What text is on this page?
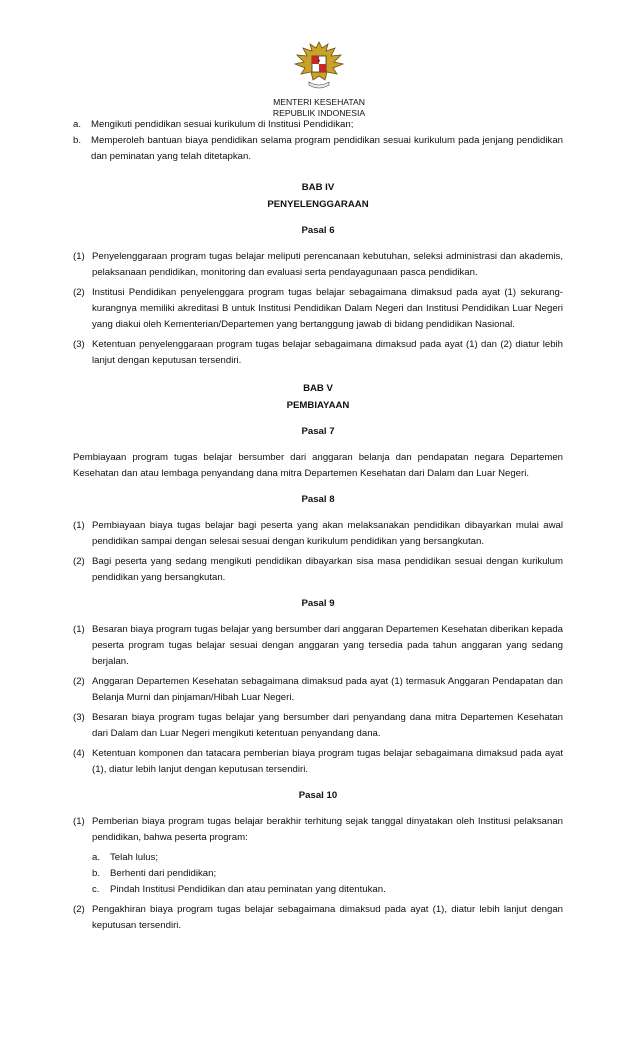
MENTERI KESEHATAN
REPUBLIK INDONESIA
a.	Mengikuti pendidikan sesuai kurikulum di Institusi Pendidikan;
b.	Memperoleh bantuan biaya pendidikan selama program pendidikan sesuai kurikulum pada jenjang pendidikan dan peminatan yang telah ditetapkan.
BAB IV
PENYELENGGARAAN
Pasal 6
(1) Penyelenggaraan program tugas belajar meliputi perencanaan kebutuhan, seleksi administrasi dan akademis, pelaksanaan pendidikan, monitoring dan evaluasi serta pendayagunaan pasca pendidikan.
(2) Institusi Pendidikan penyelenggara program tugas belajar sebagaimana dimaksud pada ayat (1) sekurang-kurangnya memiliki akreditasi B untuk Institusi Pendidikan Dalam Negeri dan Institusi Pendidikan Luar Negeri yang diakui oleh Kementerian/Departemen yang bertanggung jawab di bidang pendidikan Nasional.
(3) Ketentuan penyelenggaraan program tugas belajar sebagaimana dimaksud pada ayat (1) dan (2) diatur lebih lanjut dengan keputusan tersendiri.
BAB V
PEMBIAYAAN
Pasal 7
Pembiayaan program tugas belajar bersumber dari anggaran belanja dan pendapatan negara Departemen Kesehatan dan atau lembaga penyandang dana mitra Departemen Kesehatan dari Dalam dan Luar Negeri.
Pasal 8
(1) Pembiayaan biaya tugas belajar bagi peserta yang akan melaksanakan pendidikan dibayarkan mulai awal pendidikan sampai dengan selesai sesuai dengan kurikulum pendidikan yang bersangkutan.
(2) Bagi peserta yang sedang mengikuti pendidikan dibayarkan sisa masa pendidikan sesuai dengan kurikulum pendidikan yang bersangkutan.
Pasal 9
(1) Besaran biaya program tugas belajar yang bersumber dari anggaran Departemen Kesehatan diberikan kepada peserta program tugas belajar sesuai dengan anggaran yang tersedia pada tahun anggaran yang sedang berjalan.
(2) Anggaran Departemen Kesehatan sebagaimana dimaksud pada ayat (1) termasuk Anggaran Pendapatan dan Belanja Murni dan pinjaman/Hibah Luar Negeri.
(3) Besaran biaya program tugas belajar yang bersumber dari penyandang dana mitra Departemen Kesehatan dari Dalam dan Luar Negeri mengikuti ketentuan penyandang dana.
(4) Ketentuan komponen dan tatacara pemberian biaya program tugas belajar sebagaimana dimaksud pada ayat (1), diatur lebih lanjut dengan keputusan tersendiri.
Pasal 10
(1) Pemberian biaya program tugas belajar berakhir terhitung sejak tanggal dinyatakan oleh Institusi pelaksanan pendidikan, bahwa peserta program:
a.	Telah lulus;
b.	Berhenti dari pendidikan;
c.	Pindah Institusi Pendidikan dan atau peminatan yang ditentukan.
(2) Pengakhiran biaya program tugas belajar sebagaimana dimaksud pada ayat (1), diatur lebih lanjut dengan keputusan tersendiri.
